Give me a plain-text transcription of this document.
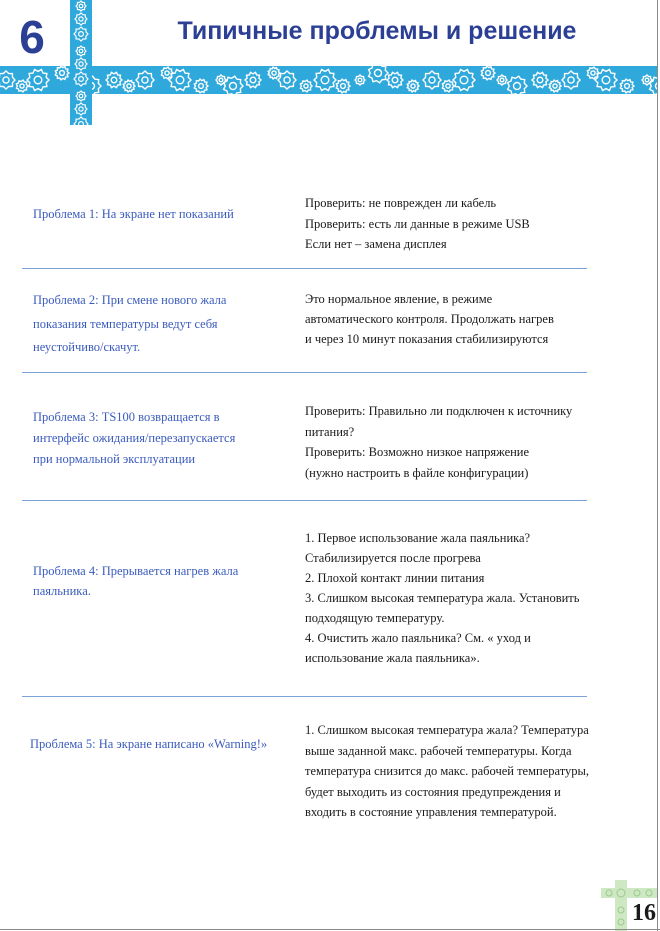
6	Типичные проблемы и решение
Проблема 1: На экране нет показаний
Проверить: не поврежден ли кабель
Проверить: есть ли данные в режиме USB
Если нет – замена дисплея
Проблема 2: При смене нового жала
показания температуры ведут себя
неустойчиво/скачут.
Это нормальное явление, в режиме
автоматического контроля. Продолжать нагрев
и через 10 минут показания стабилизируются
Проблема 3: TS100 возвращается в
интерфейс ожидания/перезапускается
при нормальной эксплуатации
Проверить: Правильно ли подключен к источнику
питания?
Проверить: Возможно низкое напряжение
(нужно настроить в файле конфигурации)
Проблема 4: Прерывается нагрев жала
паяльника.
1. Первое использование жала паяльника?
Стабилизируется после прогрева
2. Плохой контакт линии питания
3. Слишком высокая температура жала. Установить
подходящую температуру.
4. Очистить жало паяльника? См. « уход и
использование жала паяльника».
Проблема 5: На экране написано «Warning!»
1. Слишком высокая температура жала? Температура
выше заданной макс. рабочей температуры. Когда
температура снизится до макс. рабочей температуры,
будет выходить из состояния предупреждения и
входить в состояние управления температурой.
16
